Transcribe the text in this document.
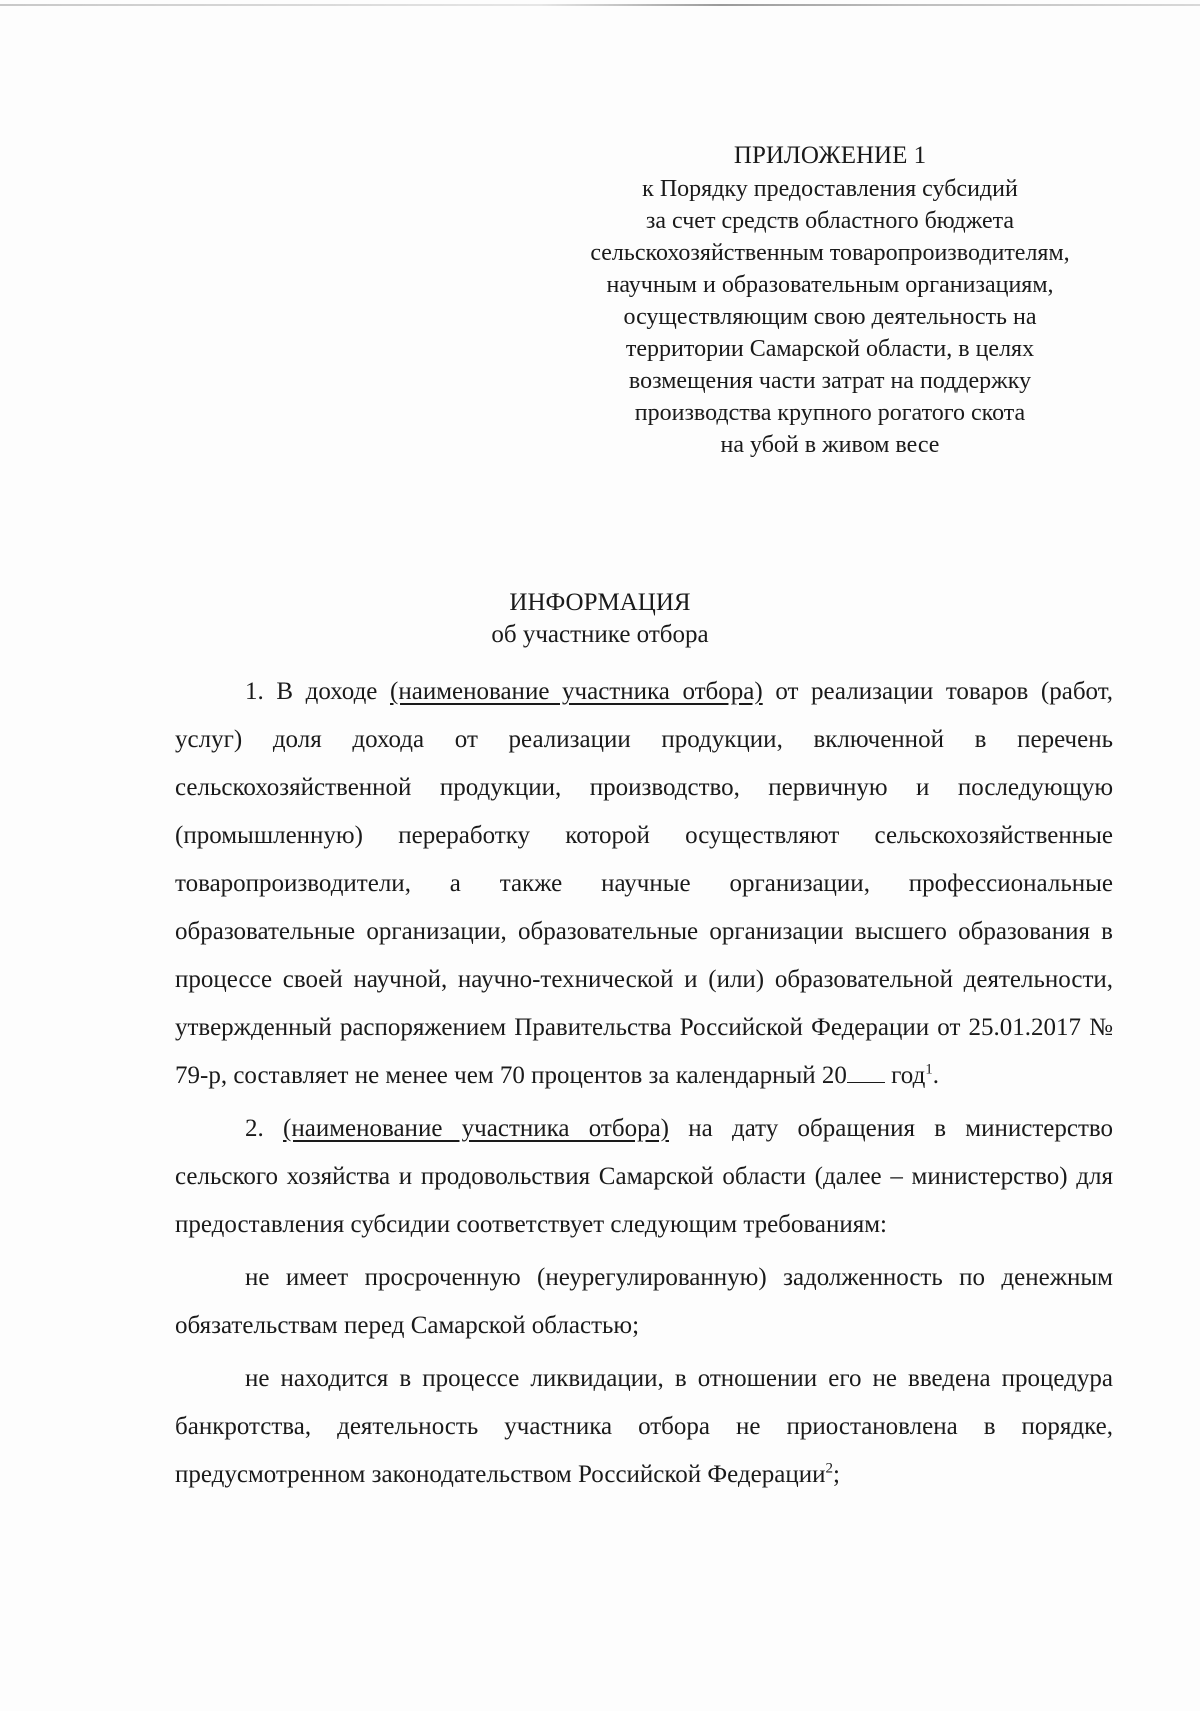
ПРИЛОЖЕНИЕ 1
к Порядку предоставления субсидий
за счет средств областного бюджета
сельскохозяйственным товаропроизводителям,
научным и образовательным организациям,
осуществляющим свою деятельность на
территории Самарской области, в целях
возмещения части затрат на поддержку
производства крупного рогатого скота
на убой в живом весе
ИНФОРМАЦИЯ
об участнике отбора

1. В доходе (наименование участника отбора) от реализации товаров (работ, услуг) доля дохода от реализации продукции, включенной в перечень сельскохозяйственной продукции, производство, первичную и последующую (промышленную) переработку которой осуществляют сельскохозяйственные товаропроизводители, а также научные организации, профессиональные образовательные организации, образовательные организации высшего образования в процессе своей научной, научно-технической и (или) образовательной деятельности, утвержденный распоряжением Правительства Российской Федерации от 25.01.2017 № 79-р, составляет не менее чем 70 процентов за календарный 20 год$^1$.

2. (наименование участника отбора) на дату обращения в министерство сельского хозяйства и продовольствия Самарской области (далее – министерство) для предоставления субсидии соответствует следующим требованиям:

не имеет просроченную (неурегулированную) задолженность по денежным обязательствам перед Самарской областью;

не находится в процессе ликвидации, в отношении его не введена процедура банкротства, деятельность участника отбора не приостановлена в порядке, предусмотренном законодательством Российской Федерации$^2$;
